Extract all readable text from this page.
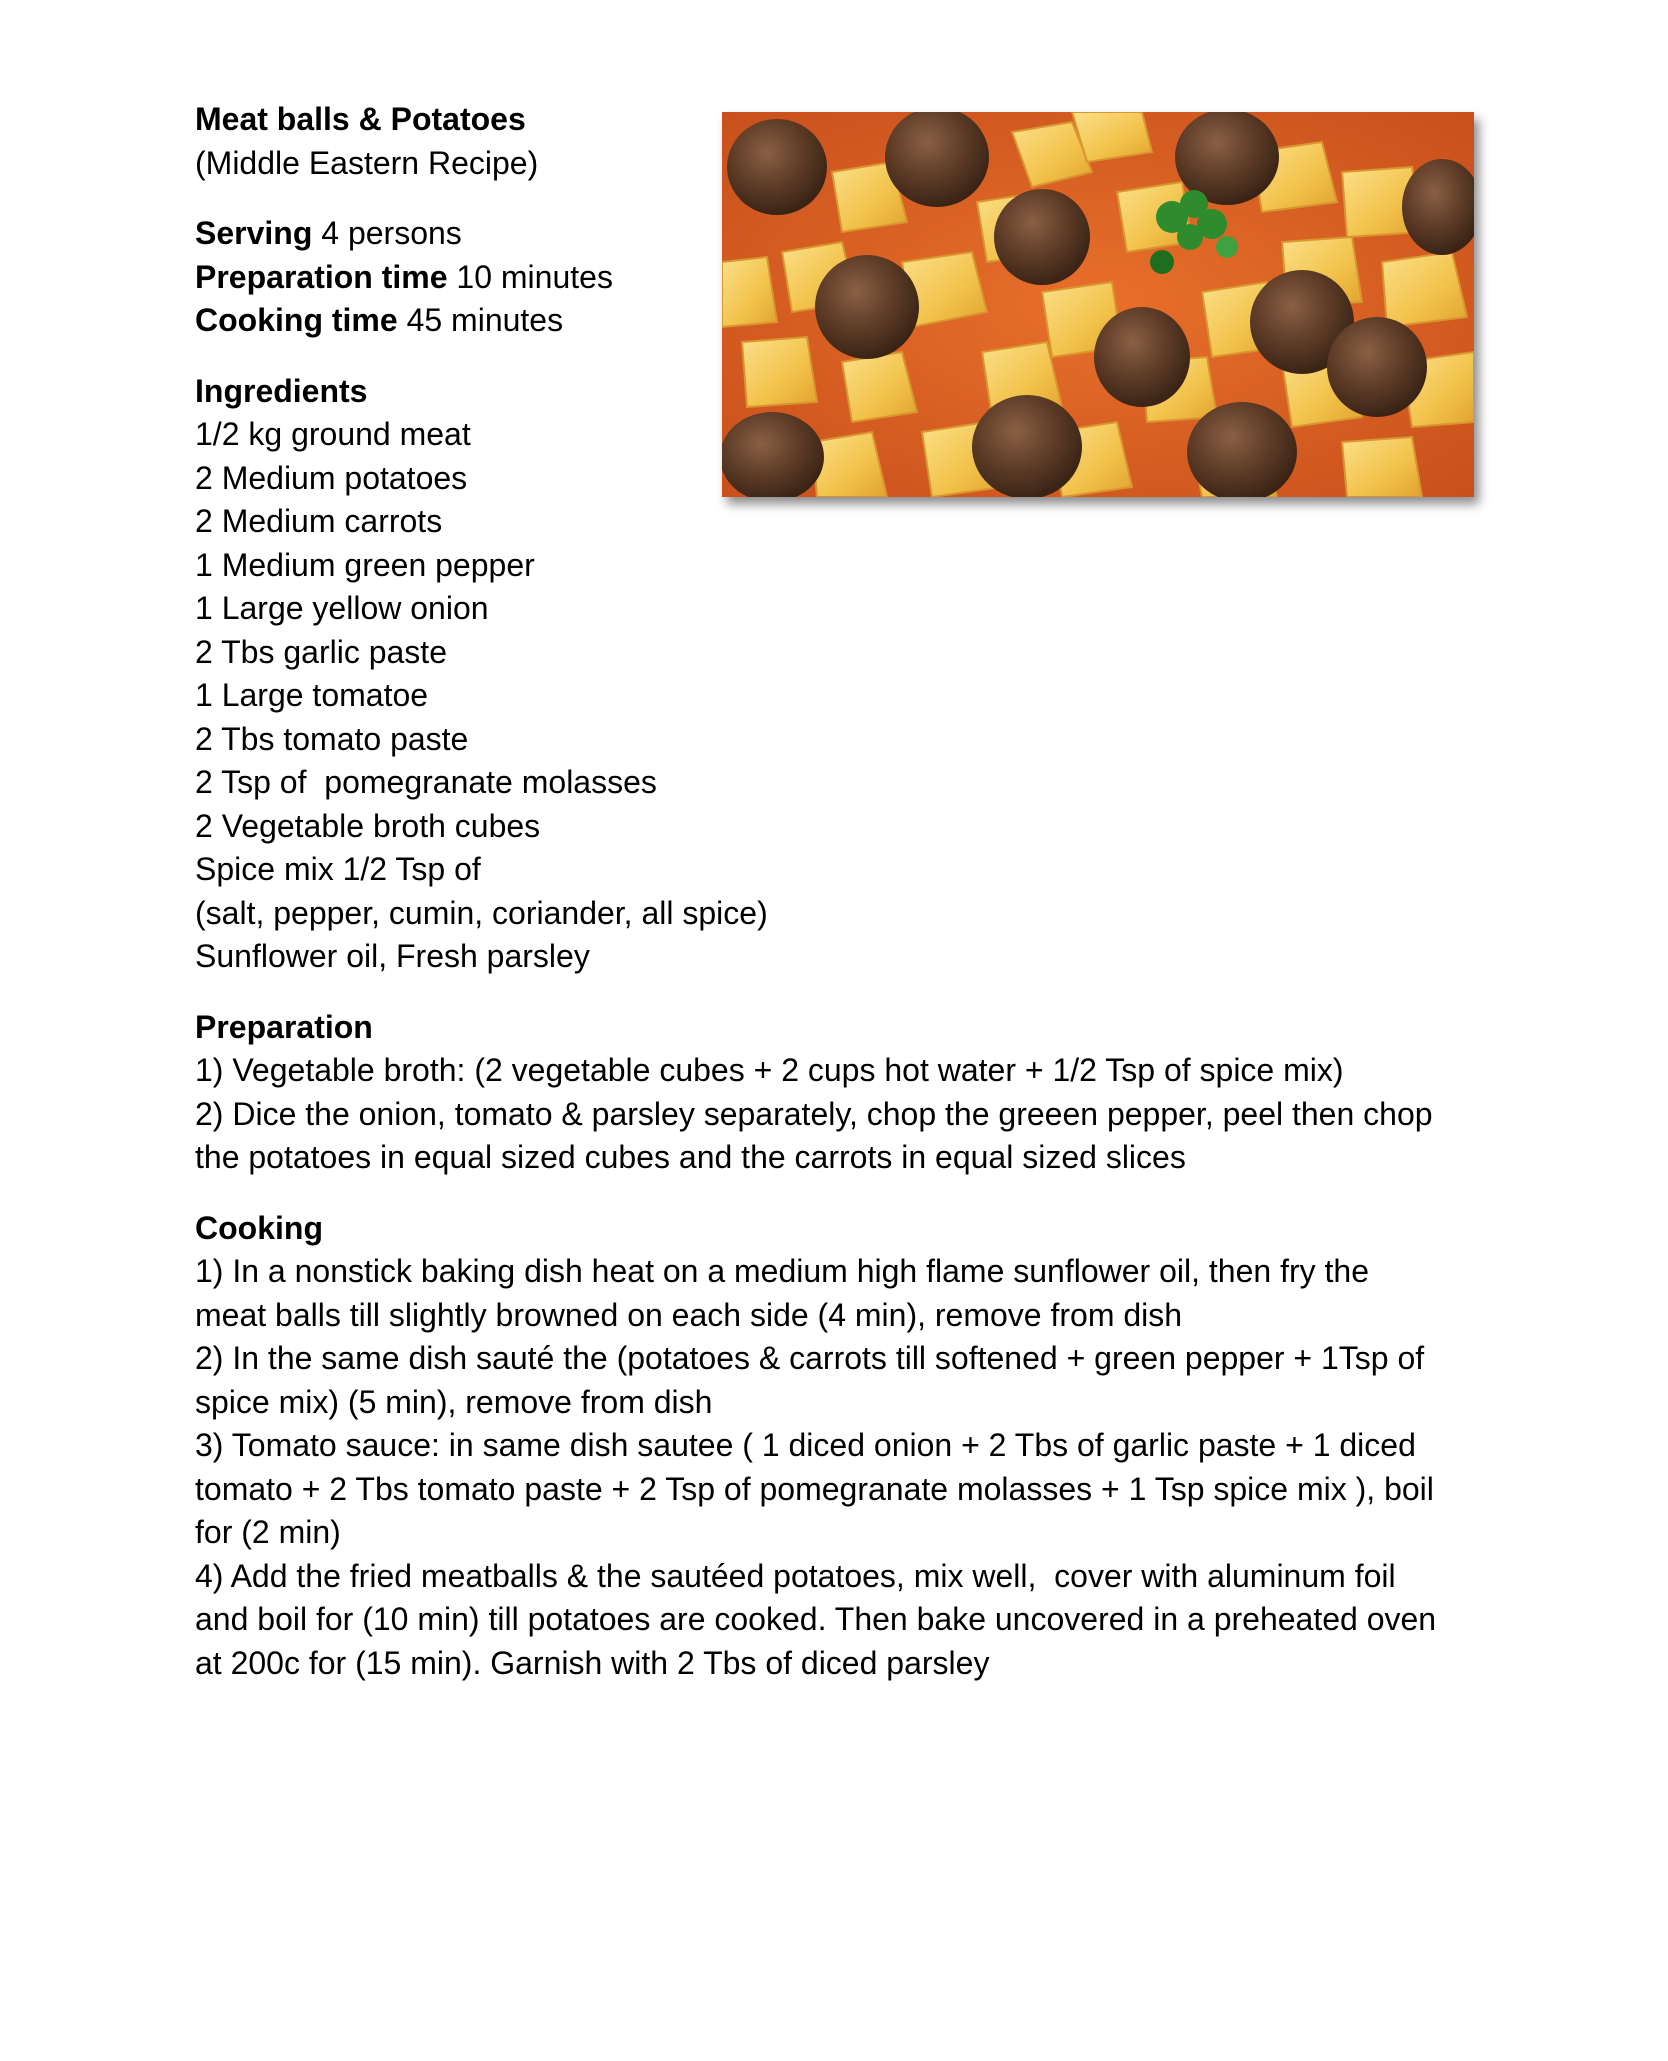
Meat balls & Potatoes
(Middle Eastern Recipe)
Serving 4 persons
Preparation time 10 minutes
Cooking time 45 minutes
Ingredients
1/2 kg ground meat
2 Medium potatoes
2 Medium carrots
1 Medium green pepper
1 Large yellow onion
2 Tbs garlic paste
1 Large tomatoe
2 Tbs tomato paste
2 Tsp of  pomegranate molasses
2 Vegetable broth cubes
Spice mix 1/2 Tsp of
(salt, pepper, cumin, coriander, all spice)
Sunflower oil, Fresh parsley
Preparation
1) Vegetable broth: (2 vegetable cubes + 2 cups hot water + 1/2 Tsp of spice mix)
2) Dice the onion, tomato & parsley separately, chop the greeen pepper, peel then chop
the potatoes in equal sized cubes and the carrots in equal sized slices
Cooking
1) In a nonstick baking dish heat on a medium high flame sunflower oil, then fry the
meat balls till slightly browned on each side (4 min), remove from dish
2) In the same dish sauté the (potatoes & carrots till softened + green pepper + 1Tsp of
spice mix) (5 min), remove from dish
3) Tomato sauce: in same dish sautee ( 1 diced onion + 2 Tbs of garlic paste + 1 diced
tomato + 2 Tbs tomato paste + 2 Tsp of pomegranate molasses + 1 Tsp spice mix ), boil
for (2 min)
4) Add the fried meatballs & the sautéed potatoes, mix well,  cover with aluminum foil
and boil for (10 min) till potatoes are cooked. Then bake uncovered in a preheated oven
at 200c for (15 min). Garnish with 2 Tbs of diced parsley
